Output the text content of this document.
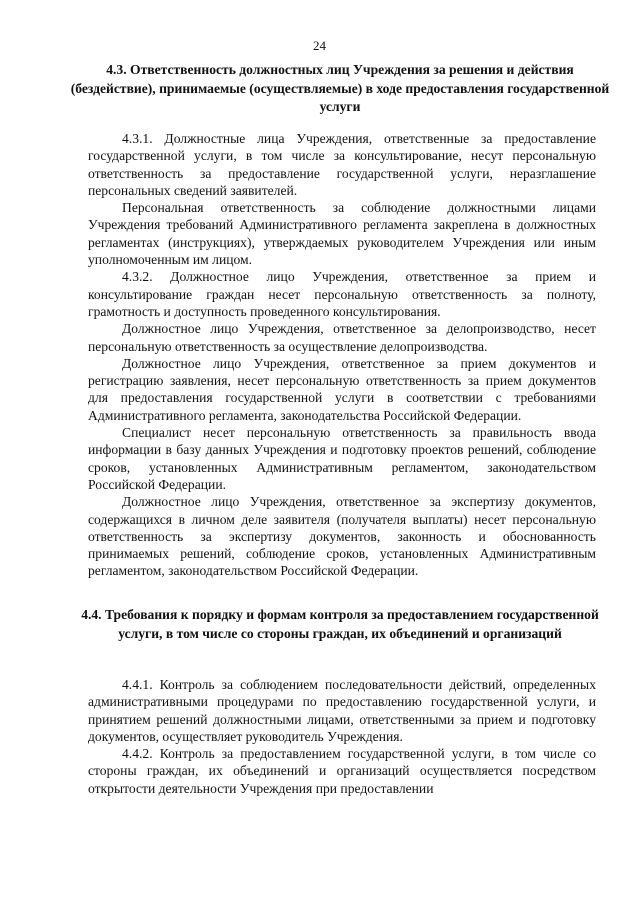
24
4.3. Ответственность должностных лиц Учреждения за решения и действия (бездействие), принимаемые (осуществляемые) в ходе предоставления государственной услуги

4.3.1. Должностные лица Учреждения, ответственные за предоставление государственной услуги, в том числе за консультирование, несут персональную ответственность за предоставление государственной услуги, неразглашение персональных сведений заявителей.

Персональная ответственность за соблюдение должностными лицами Учреждения требований Административного регламента закреплена в должностных регламентах (инструкциях), утверждаемых руководителем Учреждения или иным уполномоченным им лицом.

4.3.2. Должностное лицо Учреждения, ответственное за прием и консультирование граждан несет персональную ответственность за полноту, грамотность и доступность проведенного консультирования.

Должностное лицо Учреждения, ответственное за делопроизводство, несет персональную ответственность за осуществление делопроизводства.

Должностное лицо Учреждения, ответственное за прием документов и регистрацию заявления, несет персональную ответственность за прием документов для предоставления государственной услуги в соответствии с требованиями Административного регламента, законодательства Российской Федерации.

Специалист несет персональную ответственность за правильность ввода информации в базу данных Учреждения и подготовку проектов решений, соблюдение сроков, установленных Административным регламентом, законодательством Российской Федерации.

Должностное лицо Учреждения, ответственное за экспертизу документов, содержащихся в личном деле заявителя (получателя выплаты) несет персональную ответственность за экспертизу документов, законность и обоснованность принимаемых решений, соблюдение сроков, установленных Административным регламентом, законодательством Российской Федерации.

4.4. Требования к порядку и формам контроля за предоставлением государственной услуги, в том числе со стороны граждан, их объединений и организаций

4.4.1. Контроль за соблюдением последовательности действий, определенных административными процедурами по предоставлению государственной услуги, и принятием решений должностными лицами, ответственными за прием и подготовку документов, осуществляет руководитель Учреждения.

4.4.2. Контроль за предоставлением государственной услуги, в том числе со стороны граждан, их объединений и организаций осуществляется посредством открытости деятельности Учреждения при предоставлении
